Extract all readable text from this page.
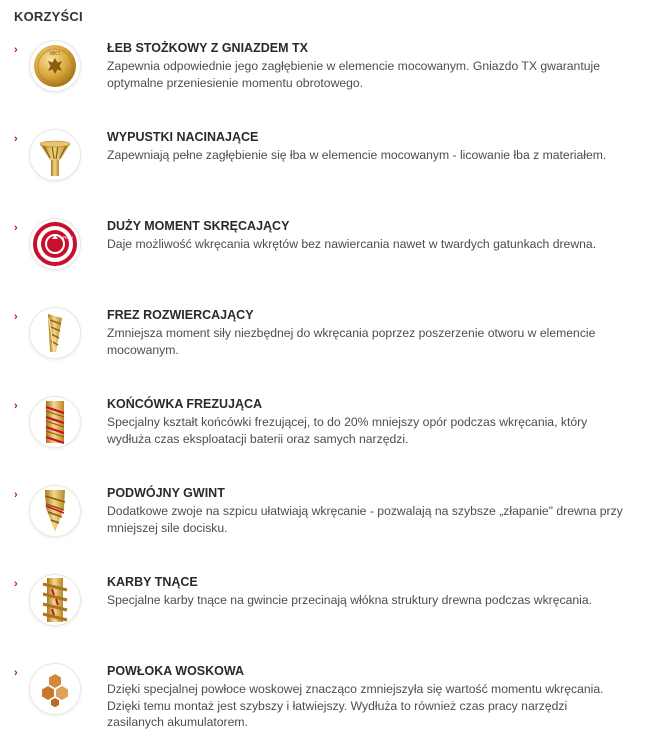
KORZYŚCI
›	WKT	ŁEB STOŻKOWY Z GNIAZDEM TX
Zapewnia odpowiednie jego zagłębienie w elemencie mocowanym. Gniazdo TX gwarantuje optymalne przeniesienie momentu obrotowego.
›	WYPUSTKI NACINAJĄCE
Zapewniają pełne zagłębienie się łba w elemencie mocowanym - licowanie łba z materiałem.
›
RUN
DUŻY MOMENT SKRĘCAJĄCY
Daje możliwość wkręcania wkrętów bez nawiercania nawet w twardych gatunkach drewna.
›	FREZ ROZWIERCAJĄCY
Zmniejsza moment siły niezbędnej do wkręcania poprzez poszerzenie otworu w elemencie mocowanym.
›	KOŃCÓWKA FREZUJĄCA
Specjalny kształt końcówki frezującej, to do 20% mniejszy opór podczas wkręcania, który wydłuża czas eksploatacji baterii oraz samych narzędzi.
›	PODWÓJNY GWINT
Dodatkowe zwoje na szpicu ułatwiają wkręcanie - pozwalają na szybsze „złapanie" drewna przy mniejszej sile docisku.
›	KARBY TNĄCE
Specjalne karby tnące na gwincie przecinają włókna struktury drewna podczas wkręcania.
›	POWŁOKA WOSKOWA
Dzięki specjalnej powłoce woskowej znacząco zmniejszyła się wartość momentu wkręcania. Dzięki temu montaż jest szybszy i łatwiejszy. Wydłuża to również czas pracy narzędzi zasilanych akumulatorem.
